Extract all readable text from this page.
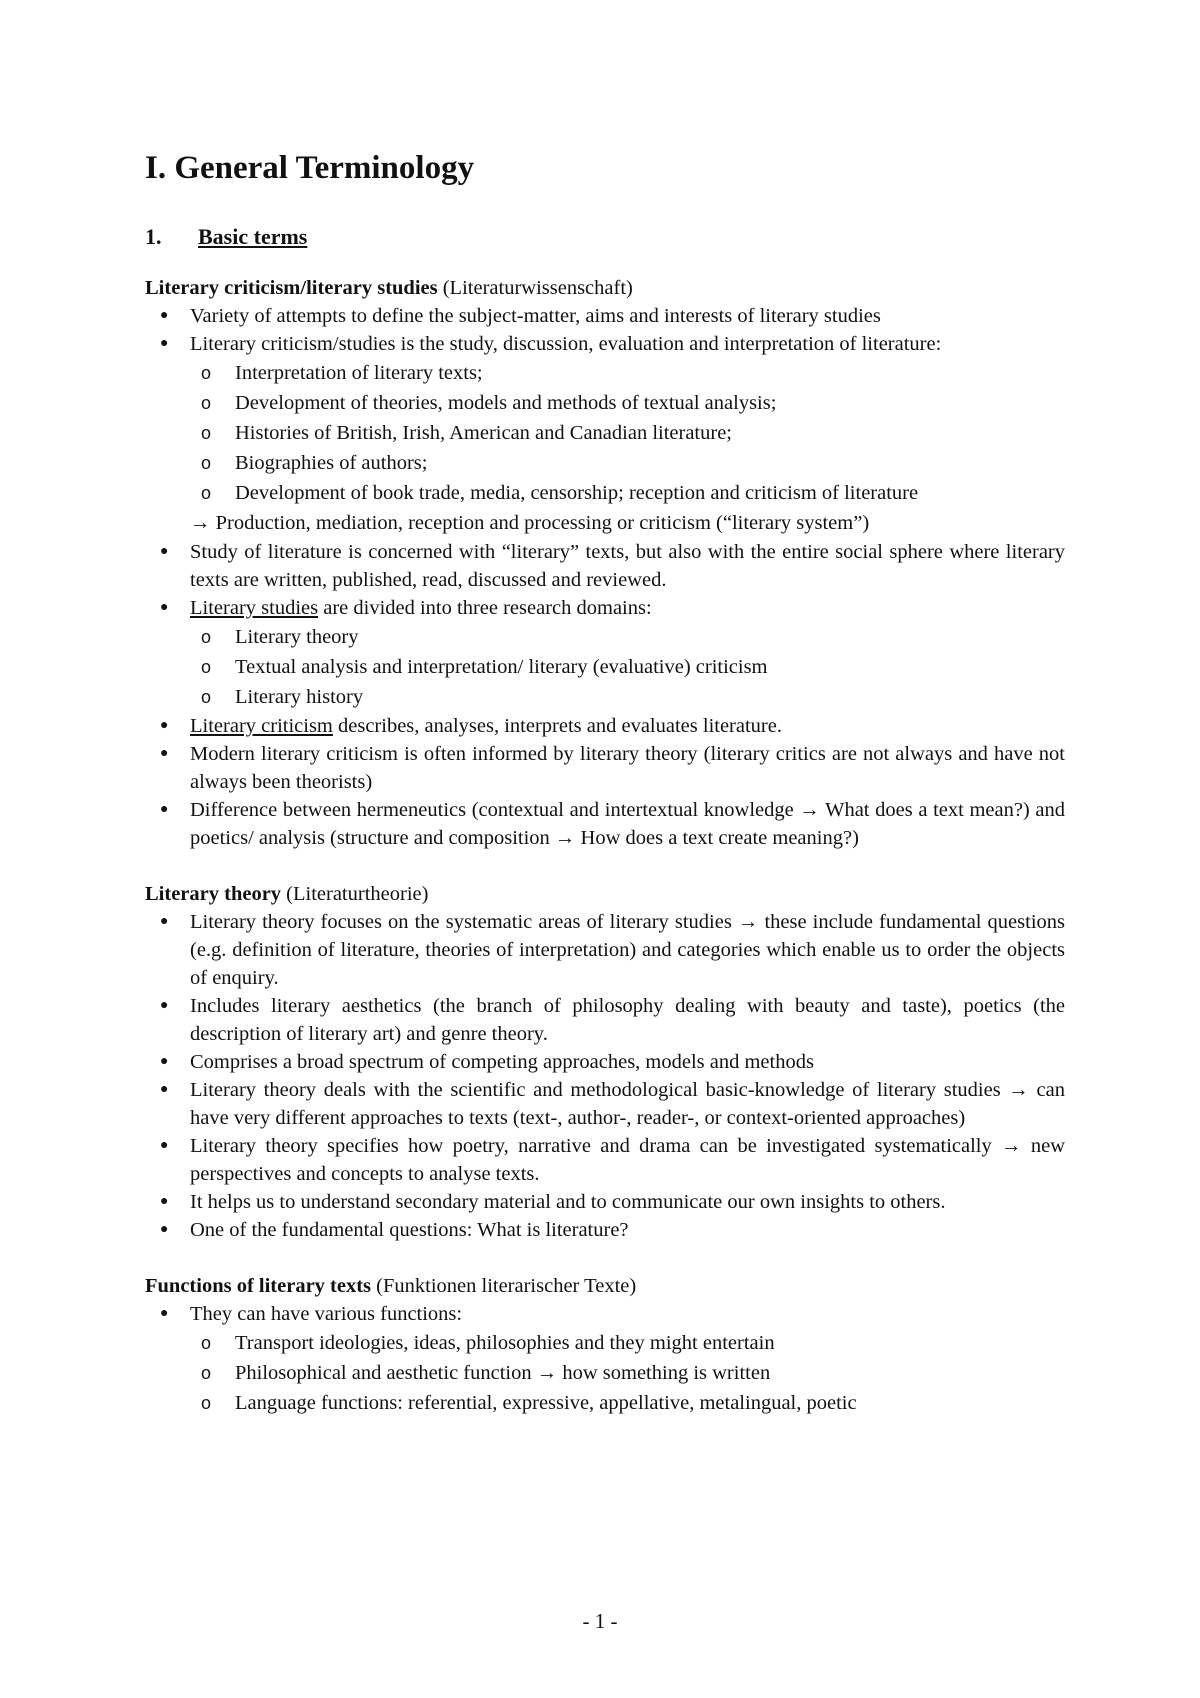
I. General Terminology
1.	Basic terms
Literary criticism/literary studies (Literaturwissenschaft)
● Variety of attempts to define the subject-matter, aims and interests of literary studies
● Literary criticism/studies is the study, discussion, evaluation and interpretation of literature:
o Interpretation of literary texts;
o Development of theories, models and methods of textual analysis;
o Histories of British, Irish, American and Canadian literature;
o Biographies of authors;
o Development of book trade, media, censorship; reception and criticism of literature
→ Production, mediation, reception and processing or criticism (“literary system”)
● Study of literature is concerned with “literary” texts, but also with the entire social sphere where literary texts are written, published, read, discussed and reviewed.
● Literary studies are divided into three research domains:
o Literary theory
o Textual analysis and interpretation/ literary (evaluative) criticism
o Literary history
● Literary criticism describes, analyses, interprets and evaluates literature.
● Modern literary criticism is often informed by literary theory (literary critics are not always and have not always been theorists)
● Difference between hermeneutics (contextual and intertextual knowledge → What does a text mean?) and poetics/ analysis (structure and composition → How does a text create meaning?)
Literary theory (Literaturtheorie)
● Literary theory focuses on the systematic areas of literary studies → these include fundamental questions (e.g. definition of literature, theories of interpretation) and categories which enable us to order the objects of enquiry.
● Includes literary aesthetics (the branch of philosophy dealing with beauty and taste), poetics (the description of literary art) and genre theory.
● Comprises a broad spectrum of competing approaches, models and methods
● Literary theory deals with the scientific and methodological basic-knowledge of literary studies → can have very different approaches to texts (text-, author-, reader-, or context-oriented approaches)
● Literary theory specifies how poetry, narrative and drama can be investigated systematically → new perspectives and concepts to analyse texts.
● It helps us to understand secondary material and to communicate our own insights to others.
● One of the fundamental questions: What is literature?
Functions of literary texts (Funktionen literarischer Texte)
● They can have various functions:
o Transport ideologies, ideas, philosophies and they might entertain
o Philosophical and aesthetic function → how something is written
o Language functions: referential, expressive, appellative, metalingual, poetic
- 1 -
